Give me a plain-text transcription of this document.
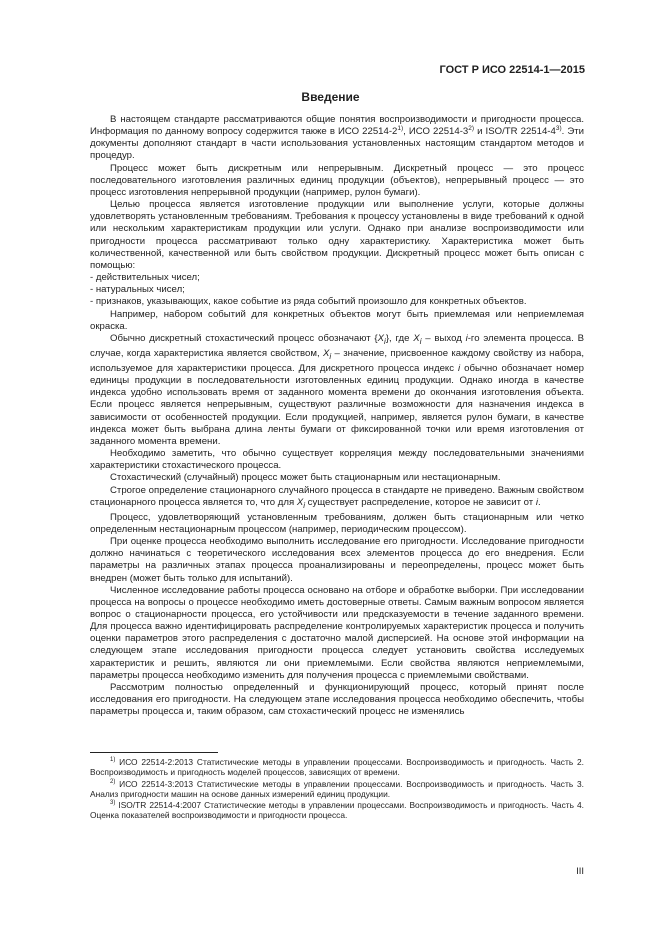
ГОСТ Р ИСО 22514-1—2015
Введение

В настоящем стандарте рассматриваются общие понятия воспроизводимости и пригодности процесса. Информация по данному вопросу содержится также в ИСО 22514-2$^{1)}$, ИСО 22514-3$^{2)}$ и ISO/TR 22514-4$^{3)}$. Эти документы дополняют стандарт в части использования установленных настоящим стандартом методов и процедур.

Процесс может быть дискретным или непрерывным. Дискретный процесс — это процесс последовательного изготовления различных единиц продукции (объектов), непрерывный процесс — это процесс изготовления непрерывной продукции (например, рулон бумаги).

Целью процесса является изготовление продукции или выполнение услуги, которые должны удовлетворять установленным требованиям. Требования к процессу установлены в виде требований к одной или нескольким характеристикам продукции или услуги. Однако при анализе воспроизводимости или пригодности процесса рассматривают только одну характеристику. Характеристика может быть количественной, качественной или быть свойством продукции. Дискретный процесс может быть описан с помощью:

- действительных чисел;

- натуральных чисел;

- признаков, указывающих, какое событие из ряда событий произошло для конкретных объектов.

Например, набором событий для конкретных объектов могут быть приемлемая или неприемлемая окраска.

Обычно дискретный стохастический процесс обозначают $\{X_i\}$, где $X_i$ – выход i-го элемента процесса. В случае, когда характеристика является свойством, $X_i$ – значение, присвоенное каждому свойству из набора, используемое для характеристики процесса. Для дискретного процесса индекс i обычно обозначает номер единицы продукции в последовательности изготовленных единиц продукции. Однако иногда в качестве индекса удобно использовать время от заданного момента времени до окончания изготовления объекта. Если процесс является непрерывным, существуют различные возможности для назначения индекса в зависимости от особенностей продукции. Если продукцией, например, является рулон бумаги, в качестве индекса может быть выбрана длина ленты бумаги от фиксированной точки или время изготовления от заданного момента времени.

Необходимо заметить, что обычно существует корреляция между последовательными значениями характеристики стохастического процесса.

Стохастический (случайный) процесс может быть стационарным или нестационарным.

Строгое определение стационарного случайного процесса в стандарте не приведено. Важным свойством стационарного процесса является то, что для $X_i$ существует распределение, которое не зависит от i.

Процесс, удовлетворяющий установленным требованиям, должен быть стационарным или четко определенным нестационарным процессом (например, периодическим процессом).

При оценке процесса необходимо выполнить исследование его пригодности. Исследование пригодности должно начинаться с теоретического исследования всех элементов процесса до его внедрения. Если параметры на различных этапах процесса проанализированы и переопределены, процесс может быть внедрен (может быть только для испытаний).

Численное исследование работы процесса основано на отборе и обработке выборки. При исследовании процесса на вопросы о процессе необходимо иметь достоверные ответы. Самым важным вопросом является вопрос о стационарности процесса, его устойчивости или предсказуемости в течение заданного времени. Для процесса важно идентифицировать распределение контролируемых характеристик процесса и получить оценки параметров этого распределения с достаточно малой дисперсией. На основе этой информации на следующем этапе исследования пригодности процесса следует установить свойства исследуемых характеристик и решить, являются ли они приемлемыми. Если свойства являются неприемлемыми, параметры процесса необходимо изменить для получения процесса с приемлемыми свойствами.

Рассмотрим полностью определенный и функционирующий процесс, который принят после исследования его пригодности. На следующем этапе исследования процесса необходимо обеспечить, чтобы параметры процесса и, таким образом, сам стохастический процесс не изменялись

$^{1)}$ ИСО 22514-2:2013 Статистические методы в управлении процессами. Воспроизводимость и пригодность. Часть 2. Воспроизводимость и пригодность моделей процессов, зависящих от времени.

$^{2)}$ ИСО 22514-3:2013 Статистические методы в управлении процессами. Воспроизводимость и пригодность. Часть 3. Анализ пригодности машин на основе данных измерений единиц продукции.

$^{3)}$ ISO/TR 22514-4:2007 Статистические методы в управлении процессами. Воспроизводимость и пригодность. Часть 4. Оценка показателей воспроизводимости и пригодности процесса.

III
